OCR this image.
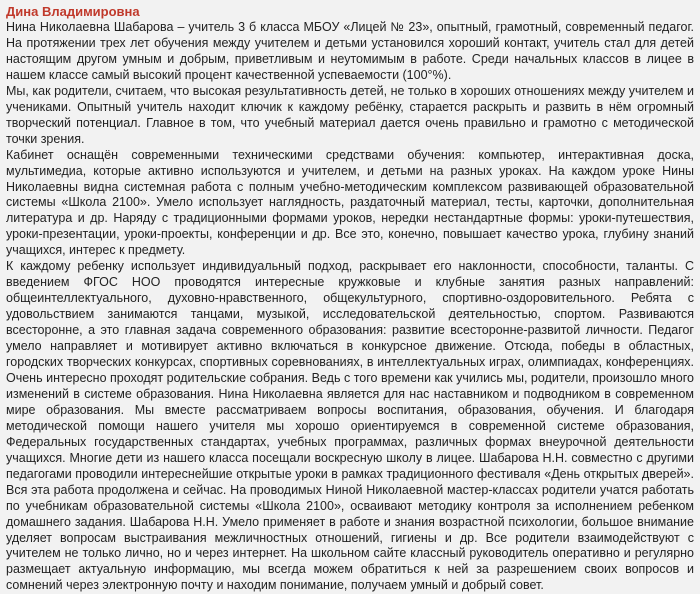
Дина Владимировна

Нина Николаевна Шабарова – учитель 3 б класса МБОУ «Лицей № 23», опытный, грамотный, современный педагог. На протяжении трех лет обучения между учителем и детьми установился хороший контакт, учитель стал для детей настоящим другом умным и добрым, приветливым и неутомимым в работе. Среди начальных классов в лицее в нашем классе самый высокий процент качественной успеваемости (100°%).

Мы, как родители, считаем, что высокая результативность детей, не только в хороших отношениях между учителем и учениками. Опытный учитель находит ключик к каждому ребёнку, старается раскрыть и развить в нём огромный творческий потенциал. Главное в том, что учебный материал дается очень правильно и грамотно с методической точки зрения.

Кабинет оснащён современными техническими средствами обучения: компьютер, интерактивная доска, мультимедиа, которые активно используются и учителем, и детьми на разных уроках. На каждом уроке Нины Николаевны видна системная работа с полным учебно-методическим комплексом развивающей образовательной системы «Школа 2100». Умело использует наглядность, раздаточный материал, тесты, карточки, дополнительная литература и др. Наряду с традиционными формами уроков, нередки нестандартные формы: уроки-путешествия, уроки-презентации, уроки-проекты, конференции и др. Все это, конечно, повышает качество урока, глубину знаний учащихся, интерес к предмету.

К каждому ребенку использует индивидуальный подход, раскрывает его наклонности, способности, таланты. С введением ФГОС НОО проводятся интересные кружковые и клубные занятия разных направлений: общеинтеллектуального, духовно-нравственного, общекультурного, спортивно-оздоровительного. Ребята с удовольствием занимаются танцами, музыкой, исследовательской деятельностью, спортом. Развиваются всесторонне, а это главная задача современного образования: развитие всесторонне-развитой личности. Педагог умело направляет и мотивирует активно включаться в конкурсное движение. Отсюда, победы в областных, городских творческих конкурсах, спортивных соревнованиях, в интеллектуальных играх, олимпиадах, конференциях. Очень интересно проходят родительские собрания. Ведь с того времени как учились мы, родители, произошло много изменений в системе образования. Нина Николаевна является для нас наставником и подводником в современном мире образования. Мы вместе рассматриваем вопросы воспитания, образования, обучения. И благодаря методической помощи нашего учителя мы хорошо ориентируемся в современной системе образования, Федеральных государственных стандартах, учебных программах, различных формах внеурочной деятельности учащихся. Многие дети из нашего класса посещали воскресную школу в лицее. Шабарова Н.Н. совместно с другими педагогами проводили интереснейшие открытые уроки в рамках традиционного фестиваля «День открытых дверей». Вся эта работа продолжена и сейчас. На проводимых Ниной Николаевной мастер-классах родители учатся работать по учебникам образовательной системы «Школа 2100», осваивают методику контроля за исполнением ребенком домашнего задания. Шабарова Н.Н. Умело применяет в работе и знания возрастной психологии, большое внимание уделяет вопросам выстраивания межличностных отношений, гигиены и др. Все родители взаимодействуют с учителем не только лично, но и через интернет. На школьном сайте классный руководитель оперативно и регулярно размещает актуальную информацию, мы всегда можем обратиться к ней за разрешением своих вопросов и сомнений через электронную почту и находим понимание, получаем умный и добрый совет.
